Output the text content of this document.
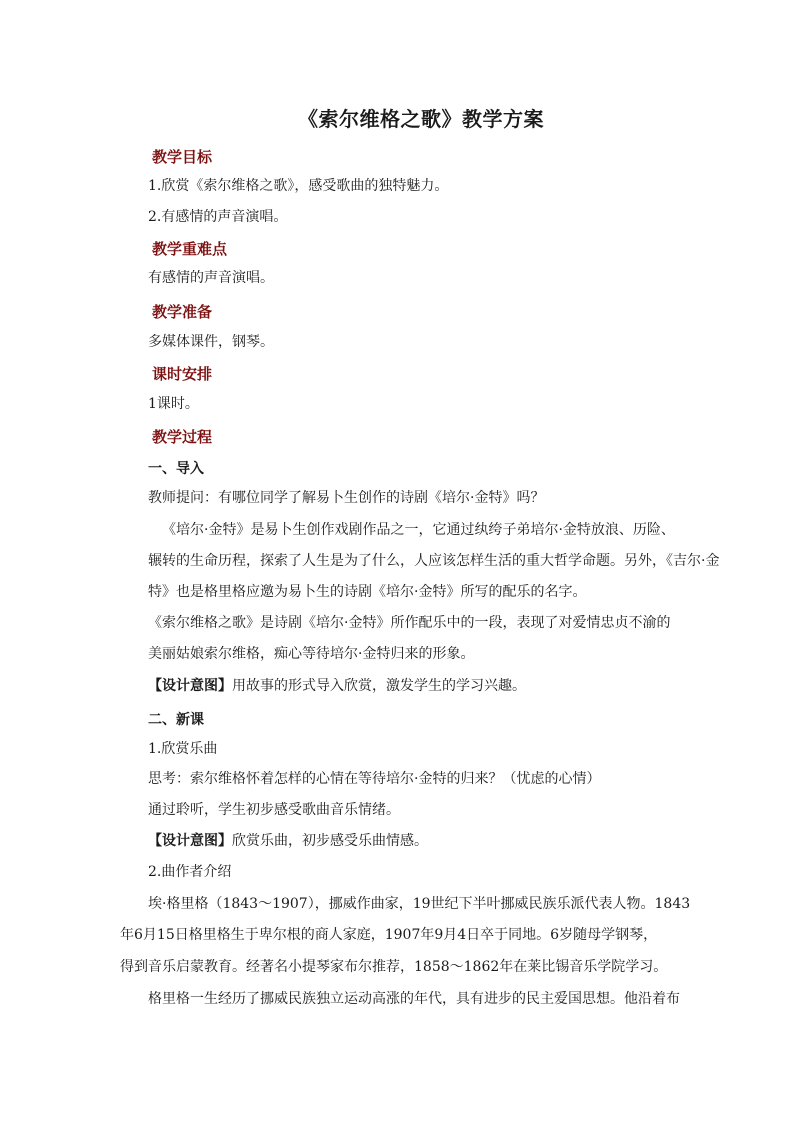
《索尔维格之歌》教学方案
教学目标
1.欣赏《索尔维格之歌》，感受歌曲的独特魅力。
2.有感情的声音演唱。
教学重难点
有感情的声音演唱。
教学准备
多媒体课件，钢琴。
课时安排
1课时。
教学过程
一、导入
教师提问：有哪位同学了解易卜生创作的诗剧《培尔·金特》吗？
《培尔·金特》是易卜生创作戏剧作品之一，它通过纨绔子弟培尔·金特放浪、历险、
辗转的生命历程，探索了人生是为了什么，人应该怎样生活的重大哲学命题。另外，《吉尔·金
特》也是格里格应邀为易卜生的诗剧《培尔·金特》所写的配乐的名字。
《索尔维格之歌》是诗剧《培尔·金特》所作配乐中的一段，表现了对爱情忠贞不渝的
美丽姑娘索尔维格，痴心等待培尔·金特归来的形象。
【设计意图】用故事的形式导入欣赏，激发学生的学习兴趣。
二、新课
1.欣赏乐曲
思考：索尔维格怀着怎样的心情在等待培尔·金特的归来？（忧虑的心情）
通过聆听，学生初步感受歌曲音乐情绪。
【设计意图】欣赏乐曲，初步感受乐曲情感。
2.曲作者介绍
埃·格里格（1843～1907），挪威作曲家，19世纪下半叶挪威民族乐派代表人物。1843
年6月15日格里格生于卑尔根的商人家庭，1907年9月4日卒于同地。6岁随母学钢琴，
得到音乐启蒙教育。经著名小提琴家布尔推荐，1858～1862年在莱比锡音乐学院学习。
格里格一生经历了挪威民族独立运动高涨的年代，具有进步的民主爱国思想。他沿着布
